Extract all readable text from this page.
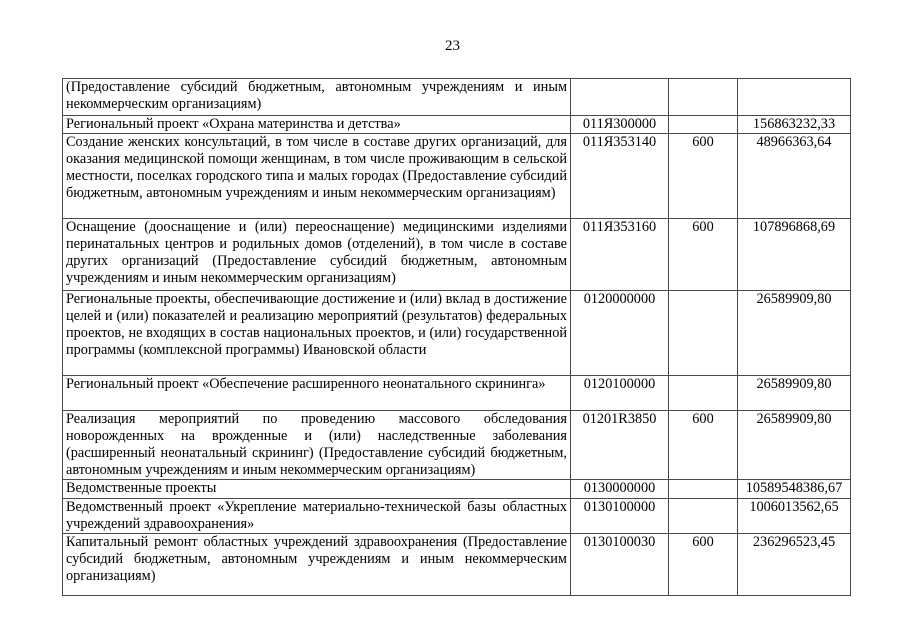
23
(Предоставление субсидий бюджетным, автономным учреждениям и иным некоммерческим организациям)			
Региональный проект «Охрана материнства и детства»	011Я300000		156863232,33
Создание женских консультаций, в том числе в составе других организаций, для оказания медицинской помощи женщинам, в том числе проживающим в сельской местности, поселках городского типа и малых городах (Предоставление субсидий бюджетным, автономным учреждениям и иным некоммерческим организациям)	011Я353140	600	48966363,64
Оснащение (дооснащение и (или) переоснащение) медицинскими изделиями перинатальных центров и родильных домов (отделений), в том числе в составе других организаций (Предоставление субсидий бюджетным, автономным учреждениям и иным некоммерческим организациям)	011Я353160	600	107896868,69
Региональные проекты, обеспечивающие достижение и (или) вклад в достижение целей и (или) показателей и реализацию мероприятий (результатов) федеральных проектов, не входящих в состав национальных проектов, и (или) государственной программы (комплексной программы) Ивановской области	0120000000		26589909,80
Региональный проект «Обеспечение расширенного неонатального скрининга»	0120100000		26589909,80
Реализация мероприятий по проведению массового обследования новорожденных на врожденные и (или) наследственные заболевания (расширенный неонатальный скрининг) (Предоставление субсидий бюджетным, автономным учреждениям и иным некоммерческим организациям)	01201R3850	600	26589909,80
Ведомственные проекты	0130000000		10589548386,67
Ведомственный проект «Укрепление материально-технической базы областных учреждений здравоохранения»	0130100000		1006013562,65
Капитальный ремонт областных учреждений здравоохранения (Предоставление субсидий бюджетным, автономным учреждениям и иным некоммерческим организациям)	0130100030	600	236296523,45
